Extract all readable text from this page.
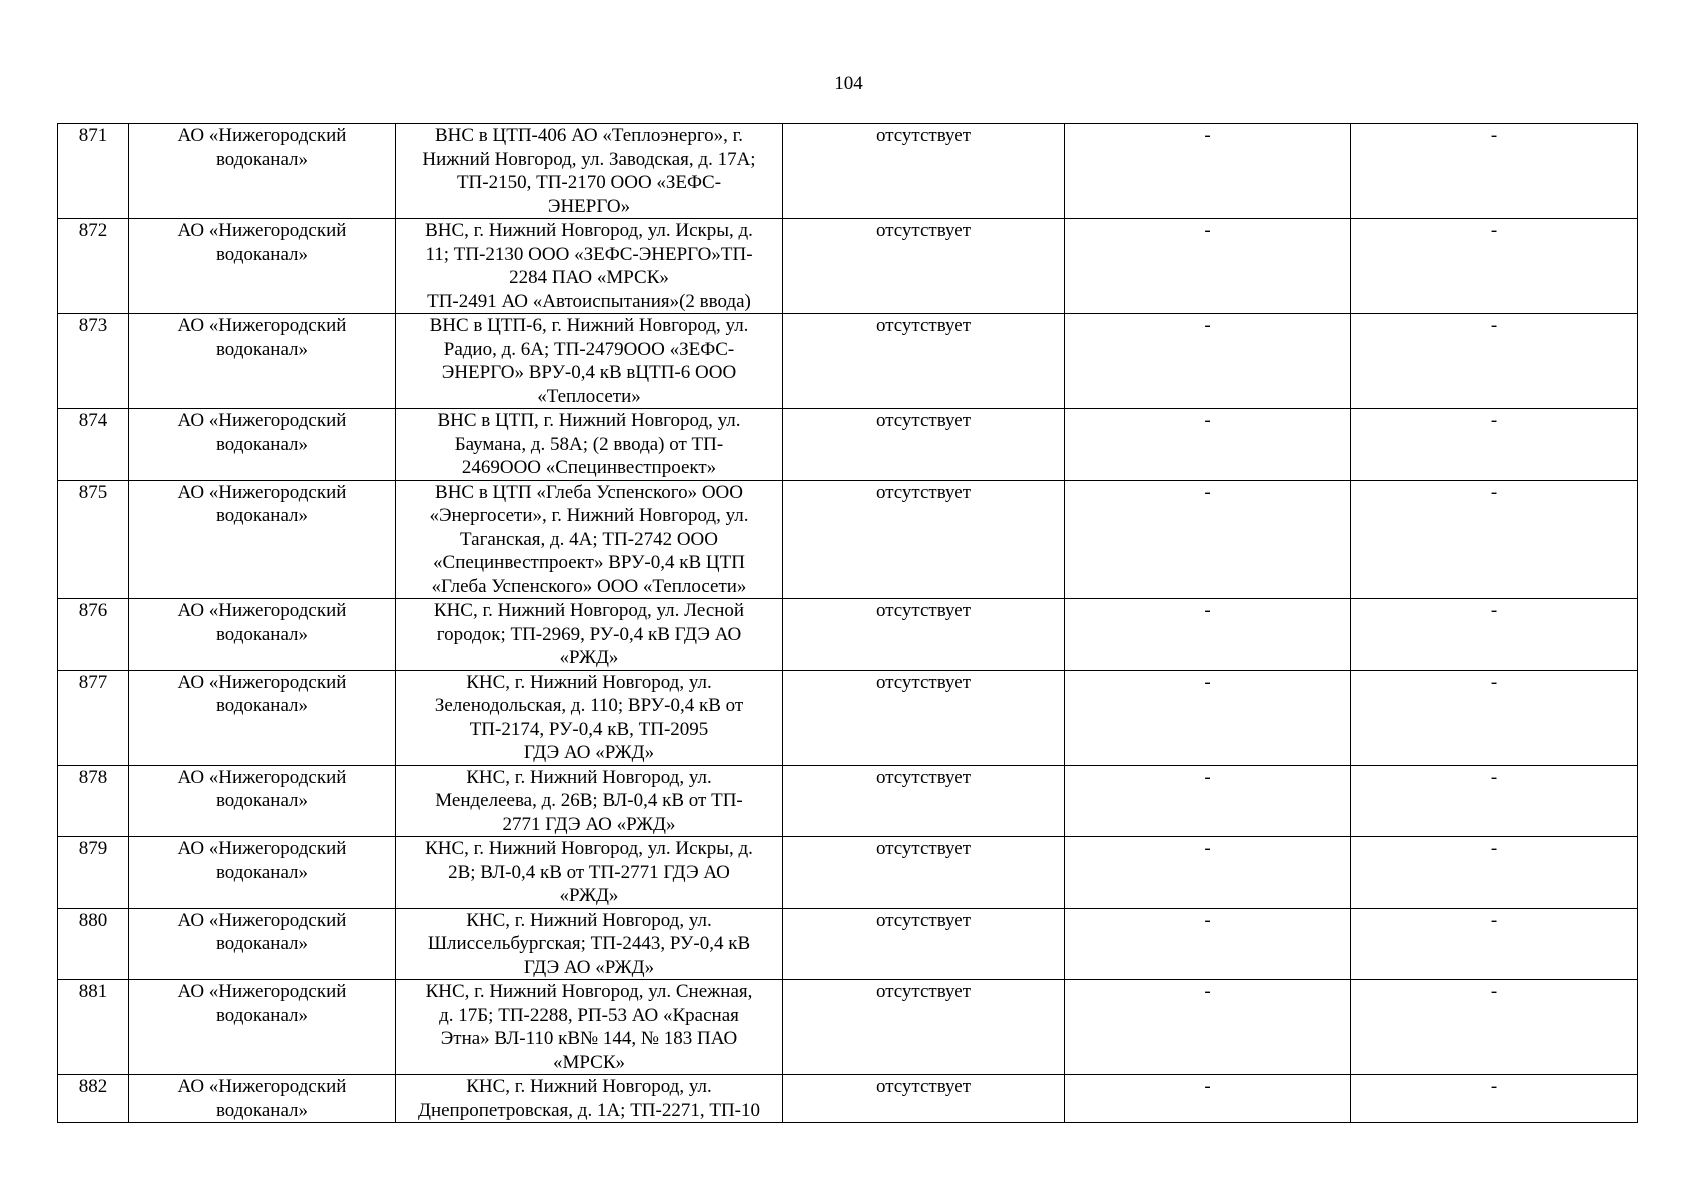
104
871	АО «Нижегородский
водоканал»	ВНС в ЦТП-406 АО «Теплоэнерго», г.
Нижний Новгород, ул. Заводская, д. 17А;
ТП-2150, ТП-2170 ООО «ЗЕФС-
ЭНЕРГО»	отсутствует	-	-
872	АО «Нижегородский
водоканал»	ВНС, г. Нижний Новгород, ул. Искры, д.
11; ТП-2130 ООО «ЗЕФС-ЭНЕРГО»ТП-
2284 ПАО «МРСК»
ТП-2491 АО «Автоиспытания»(2 ввода)	отсутствует	-	-
873	АО «Нижегородский
водоканал»	ВНС в ЦТП-6, г. Нижний Новгород, ул.
Радио, д. 6А; ТП-2479ООО «ЗЕФС-
ЭНЕРГО» ВРУ-0,4 кВ вЦТП-6 ООО
«Теплосети»	отсутствует	-	-
874	АО «Нижегородский
водоканал»	ВНС в ЦТП, г. Нижний Новгород, ул.
Баумана, д. 58А; (2 ввода) от ТП-
2469ООО «Специнвестпроект»	отсутствует	-	-
875	АО «Нижегородский
водоканал»	ВНС в ЦТП «Глеба Успенского» ООО
«Энергосети», г. Нижний Новгород, ул.
Таганская, д. 4А; ТП-2742 ООО
«Специнвестпроект» ВРУ-0,4 кВ ЦТП
«Глеба Успенского» ООО «Теплосети»	отсутствует	-	-
876	АО «Нижегородский
водоканал»	КНС, г. Нижний Новгород, ул. Лесной
городок; ТП-2969, РУ-0,4 кВ ГДЭ АО
«РЖД»	отсутствует	-	-
877	АО «Нижегородский
водоканал»	КНС, г. Нижний Новгород, ул.
Зеленодольская, д. 110; ВРУ-0,4 кВ от
ТП-2174, РУ-0,4 кВ, ТП-2095
ГДЭ АО «РЖД»	отсутствует	-	-
878	АО «Нижегородский
водоканал»	КНС, г. Нижний Новгород, ул.
Менделеева, д. 26В; ВЛ-0,4 кВ от ТП-
2771 ГДЭ АО «РЖД»	отсутствует	-	-
879	АО «Нижегородский
водоканал»	КНС, г. Нижний Новгород, ул. Искры, д.
2В; ВЛ-0,4 кВ от ТП-2771 ГДЭ АО
«РЖД»	отсутствует	-	-
880	АО «Нижегородский
водоканал»	КНС, г. Нижний Новгород, ул.
Шлиссельбургская; ТП-2443, РУ-0,4 кВ
ГДЭ АО «РЖД»	отсутствует	-	-
881	АО «Нижегородский
водоканал»	КНС, г. Нижний Новгород, ул. Снежная,
д. 17Б; ТП-2288, РП-53 АО «Красная
Этна» ВЛ-110 кВ№ 144, № 183 ПАО
«МРСК»	отсутствует	-	-
882	АО «Нижегородский
водоканал»	КНС, г. Нижний Новгород, ул.
Днепропетровская, д. 1А; ТП-2271, ТП-10	отсутствует	-	-
